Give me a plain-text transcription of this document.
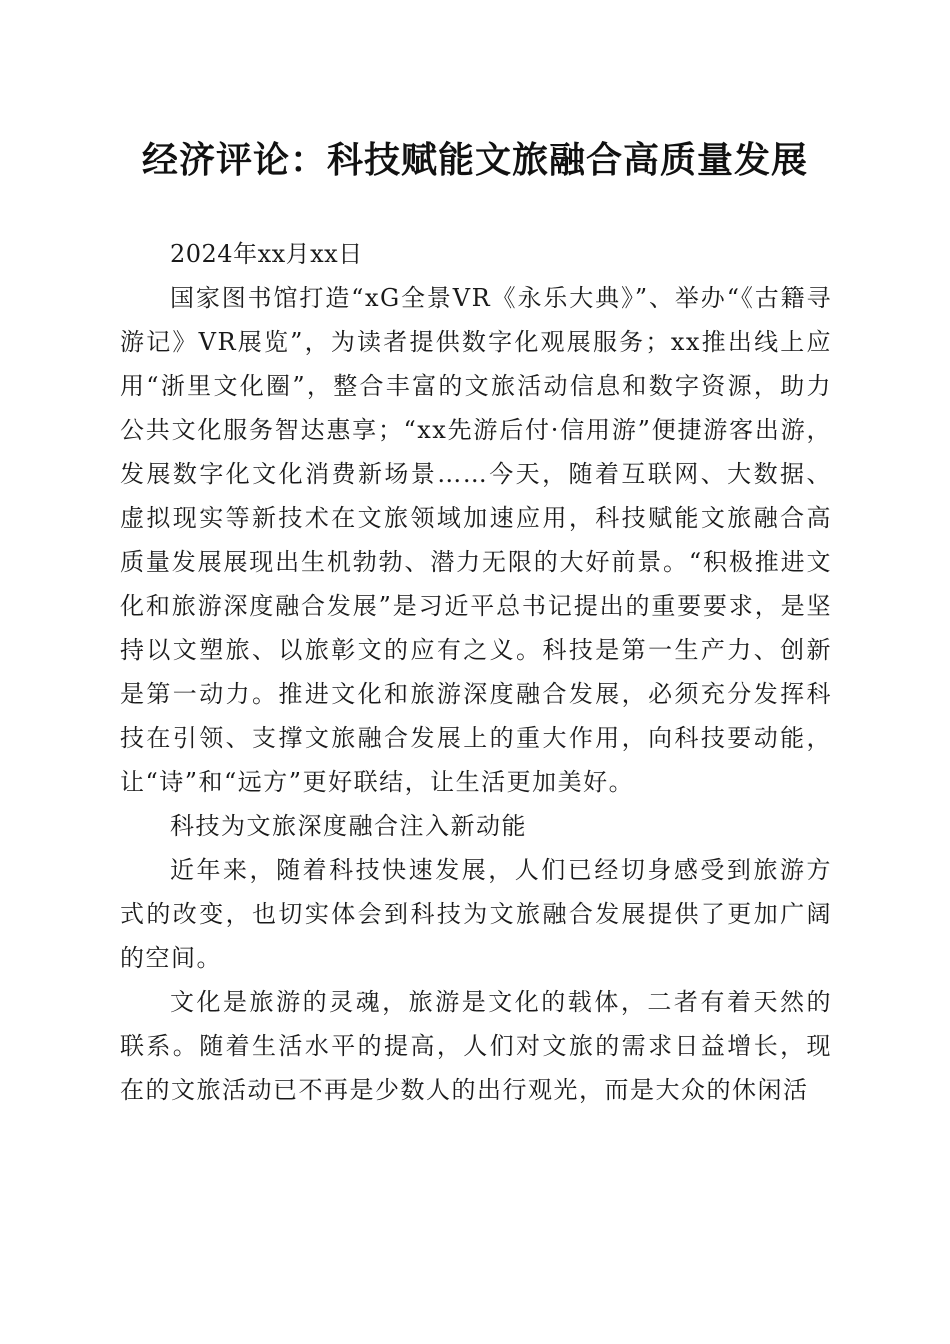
经济评论：科技赋能文旅融合高质量发展

2024年xx月xx日

国家图书馆打造“xG全景VR《永乐大典》”、举办“《古籍寻游记》VR展览”，为读者提供数字化观展服务；xx推出线上应用“浙里文化圈”，整合丰富的文旅活动信息和数字资源，助力公共文化服务智达惠享；“xx先游后付·信用游”便捷游客出游，发展数字化文化消费新场景……今天，随着互联网、大数据、虚拟现实等新技术在文旅领域加速应用，科技赋能文旅融合高质量发展展现出生机勃勃、潜力无限的大好前景。“积极推进文化和旅游深度融合发展”是习近平总书记提出的重要要求，是坚持以文塑旅、以旅彰文的应有之义。科技是第一生产力、创新是第一动力。推进文化和旅游深度融合发展，必须充分发挥科技在引领、支撑文旅融合发展上的重大作用，向科技要动能，让“诗”和“远方”更好联结，让生活更加美好。

科技为文旅深度融合注入新动能

近年来，随着科技快速发展，人们已经切身感受到旅游方式的改变，也切实体会到科技为文旅融合发展提供了更加广阔的空间。

文化是旅游的灵魂，旅游是文化的载体，二者有着天然的联系。随着生活水平的提高，人们对文旅的需求日益增长，现在的文旅活动已不再是少数人的出行观光，而是大众的休闲活
